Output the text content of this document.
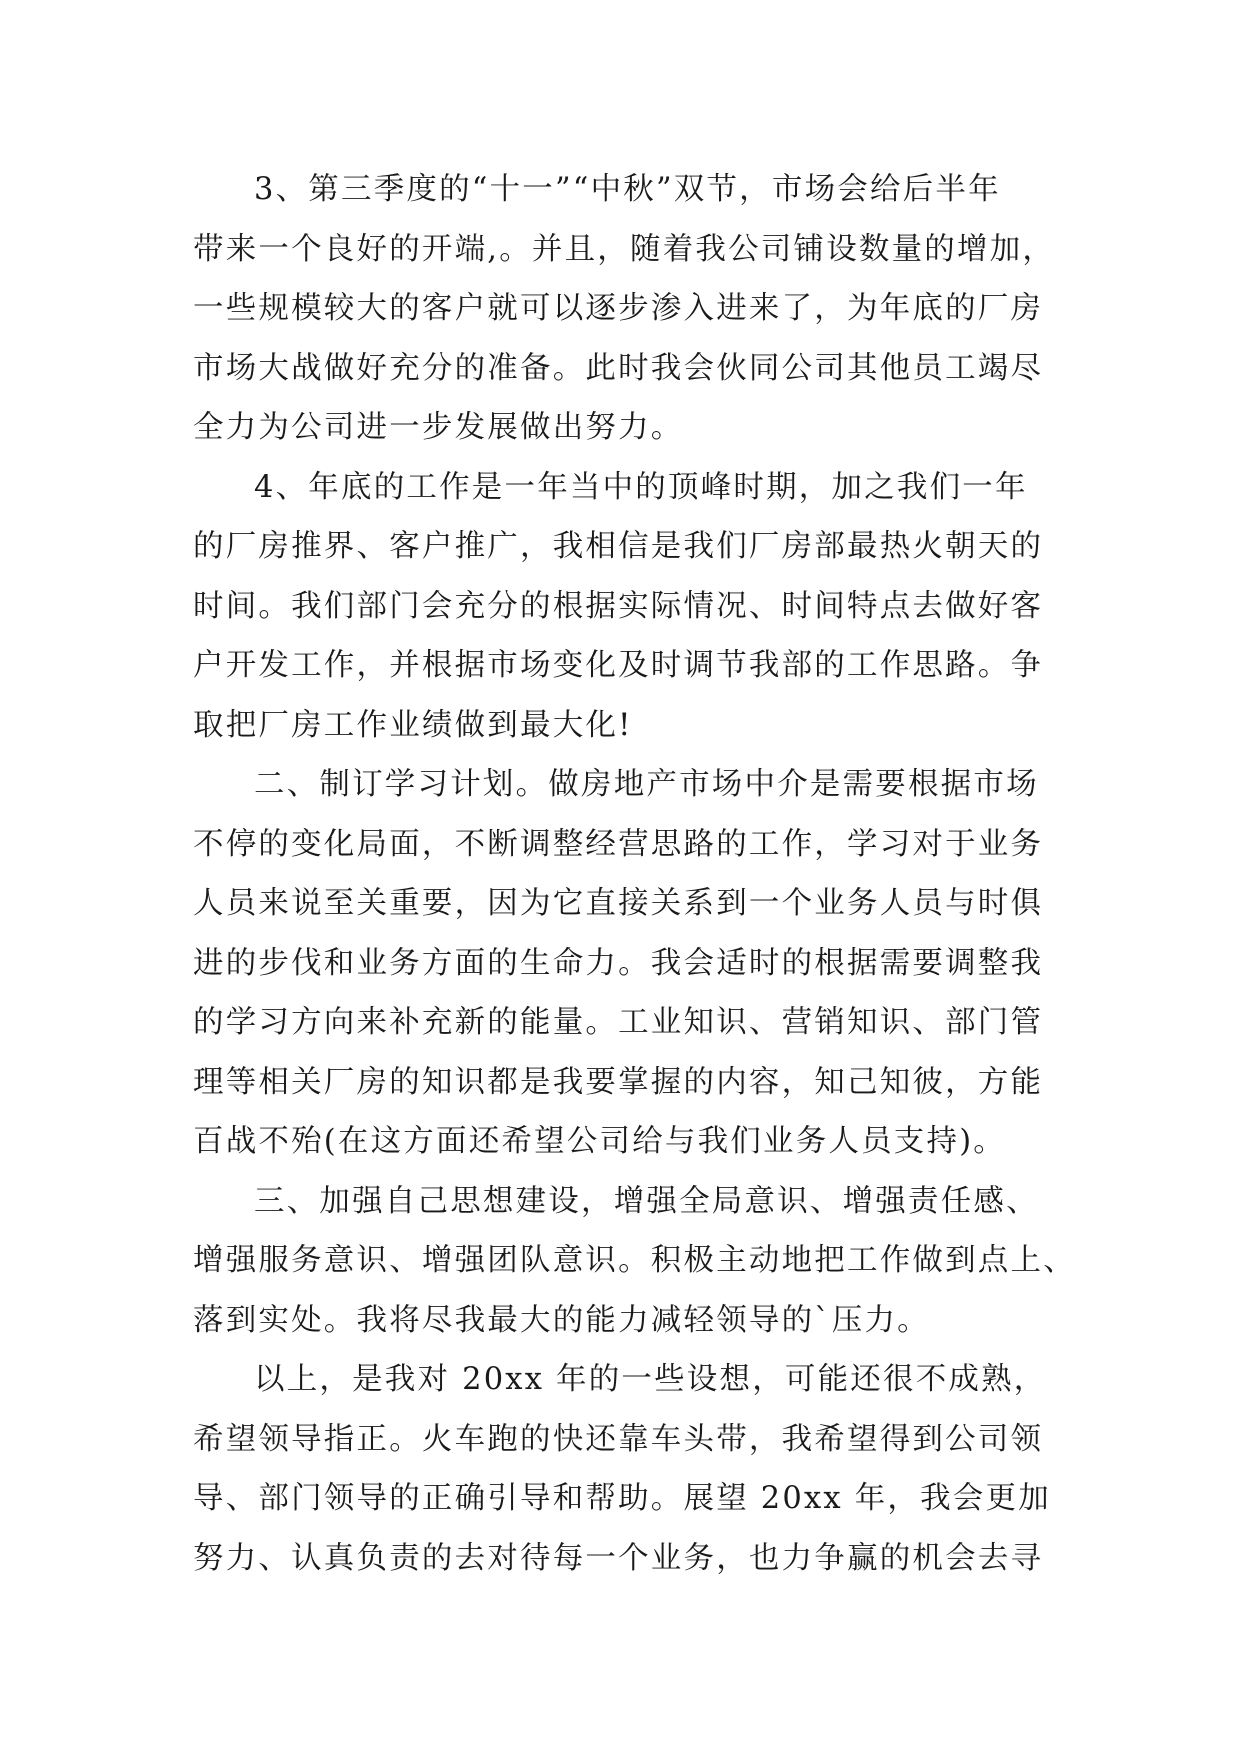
3、第三季度的“十一”“中秋”双节，市场会给后半年
带来一个良好的开端,。并且，随着我公司铺设数量的增加，
一些规模较大的客户就可以逐步渗入进来了，为年底的厂房
市场大战做好充分的准备。此时我会伙同公司其他员工竭尽
全力为公司进一步发展做出努力。
4、年底的工作是一年当中的顶峰时期，加之我们一年
的厂房推界、客户推广，我相信是我们厂房部最热火朝天的
时间。我们部门会充分的根据实际情况、时间特点去做好客
户开发工作，并根据市场变化及时调节我部的工作思路。争
取把厂房工作业绩做到最大化!
二、制订学习计划。做房地产市场中介是需要根据市场
不停的变化局面，不断调整经营思路的工作，学习对于业务
人员来说至关重要，因为它直接关系到一个业务人员与时俱
进的步伐和业务方面的生命力。我会适时的根据需要调整我
的学习方向来补充新的能量。工业知识、营销知识、部门管
理等相关厂房的知识都是我要掌握的内容，知己知彼，方能
百战不殆(在这方面还希望公司给与我们业务人员支持)。
三、加强自己思想建设，增强全局意识、增强责任感、
增强服务意识、增强团队意识。积极主动地把工作做到点上、
落到实处。我将尽我最大的能力减轻领导的`压力。
以上，是我对 20xx 年的一些设想，可能还很不成熟，
希望领导指正。火车跑的快还靠车头带，我希望得到公司领
导、部门领导的正确引导和帮助。展望 20xx 年，我会更加
努力、认真负责的去对待每一个业务，也力争赢的机会去寻
